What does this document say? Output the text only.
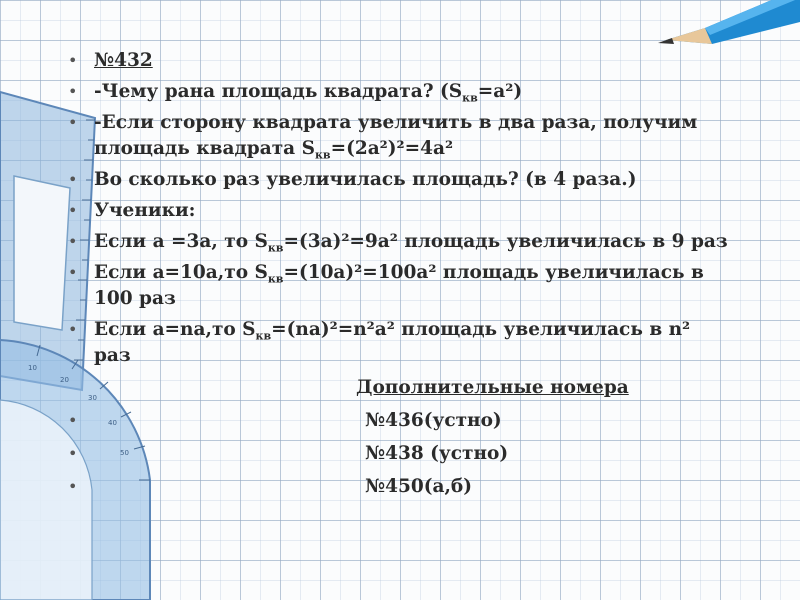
10
20
30
40
50
• №432
• -Чему рана площадь квадрата? $(S_{кв}=a^2)$
• -Если сторону квадрата увеличить в два раза, получим
площадь квадрата $S_{кв}=(2a^2)^2=4a^2$
• Во сколько раз увеличилась площадь? (в 4 раза.)
• Ученики:
• Если a =3a, то $S_{кв}=(3a)^2=9a^2$ площадь увеличилась в 9 раз
• Если a=10a,то $S_{кв}=(10a)^2=100a^2$ площадь увеличилась в
100 раз
• Если a=na,то $S_{кв}=(na)^2=n^2a^2$ площадь увеличилась в n²
раз
Дополнительные номера
•	№436(устно)
•	№438 (устно)
•	№450(а,б)
